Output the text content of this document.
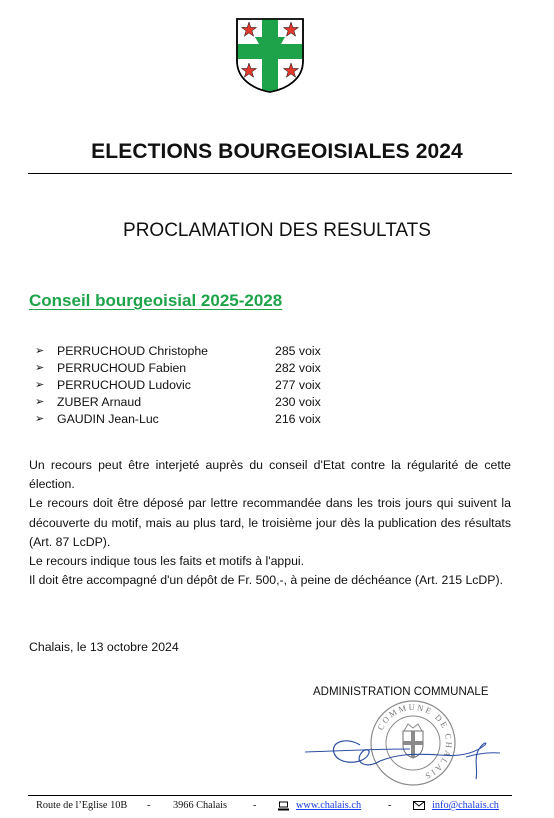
ELECTIONS BOURGEOISIALES 2024
PROCLAMATION DES RESULTATS
Conseil bourgeoisial 2025-2028
➢ PERRUCHOUD Christophe	285 voix
➢ PERRUCHOUD Fabien	282 voix
➢ PERRUCHOUD Ludovic	277 voix
➢ ZUBER Arnaud	230 voix
➢ GAUDIN Jean-Luc	216 voix

Un recours peut être interjeté auprès du conseil d'Etat contre la régularité de cette élection.

Le recours doit être déposé par lettre recommandée dans les trois jours qui suivent la découverte du motif, mais au plus tard, le troisième jour dès la publication des résultats (Art. 87 LcDP).

Le recours indique tous les faits et motifs à l'appui.

Il doit être accompagné d'un dépôt de Fr. 500,-, à peine de déchéance (Art. 215 LcDP).

Chalais, le 13 octobre 2024
ADMINISTRATION COMMUNALE
COMMUNE DE CHALAIS
Route de l’Eglise 10B - 3966 Chalais	-	www.chalais.ch	-	info@chalais.ch
